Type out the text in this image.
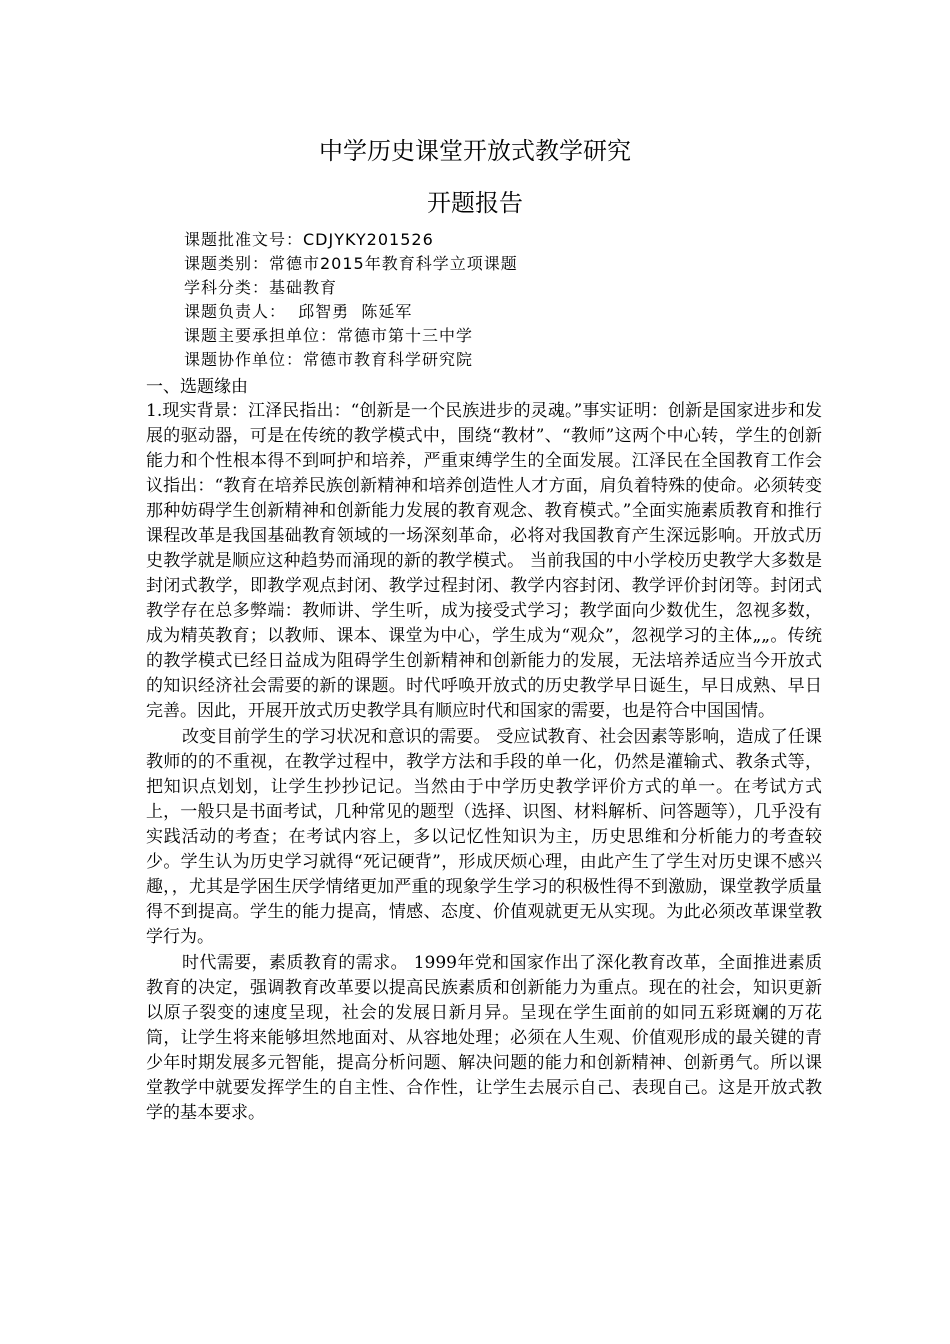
中学历史课堂开放式教学研究
开题报告
课题批准文号：CDJYKY201526
课题类别：常德市2015年教育科学立项课题
学科分类：基础教育
课题负责人：  邱智勇  陈延军
课题主要承担单位：常德市第十三中学
课题协作单位：常德市教育科学研究院
一、选题缘由

1.现实背景：江泽民指出：“创新是一个民族进步的灵魂。”事实证明：创新是国家进步和发展的驱动器，可是在传统的教学模式中，围绕“教材”、“教师”这两个中心转，学生的创新能力和个性根本得不到呵护和培养，严重束缚学生的全面发展。江泽民在全国教育工作会议指出：“教育在培养民族创新精神和培养创造性人才方面，肩负着特殊的使命。必须转变那种妨碍学生创新精神和创新能力发展的教育观念、教育模式。”全面实施素质教育和推行课程改革是我国基础教育领域的一场深刻革命，必将对我国教育产生深远影响。开放式历史教学就是顺应这种趋势而涌现的新的教学模式。 当前我国的中小学校历史教学大多数是封闭式教学，即教学观点封闭、教学过程封闭、教学内容封闭、教学评价封闭等。封闭式教学存在总多弊端：教师讲、学生听，成为接受式学习；教学面向少数优生，忽视多数，成为精英教育；以教师、课本、课堂为中心，学生成为“观众”，忽视学习的主体„„。传统的教学模式已经日益成为阻碍学生创新精神和创新能力的发展，无法培养适应当今开放式的知识经济社会需要的新的课题。时代呼唤开放式的历史教学早日诞生，早日成熟、早日完善。因此，开展开放式历史教学具有顺应时代和国家的需要，也是符合中国国情。

改变目前学生的学习状况和意识的需要。 受应试教育、社会因素等影响，造成了任课教师的的不重视，在教学过程中，教学方法和手段的单一化，仍然是灌输式、教条式等，把知识点划划，让学生抄抄记记。当然由于中学历史教学评价方式的单一。在考试方式上，一般只是书面考试，几种常见的题型（选择、识图、材料解析、问答题等），几乎没有实践活动的考查；在考试内容上，多以记忆性知识为主，历史思维和分析能力的考查较少。学生认为历史学习就得“死记硬背”，形成厌烦心理，由此产生了学生对历史课不感兴趣，，尤其是学困生厌学情绪更加严重的现象学生学习的积极性得不到激励，课堂教学质量得不到提高。学生的能力提高，情感、态度、价值观就更无从实现。为此必须改革课堂教学行为。

时代需要，素质教育的需求。 1999年党和国家作出了深化教育改革，全面推进素质教育的决定，强调教育改革要以提高民族素质和创新能力为重点。现在的社会，知识更新以原子裂变的速度呈现，社会的发展日新月异。呈现在学生面前的如同五彩斑斓的万花筒，让学生将来能够坦然地面对、从容地处理；必须在人生观、价值观形成的最关键的青少年时期发展多元智能，提高分析问题、解决问题的能力和创新精神、创新勇气。所以课堂教学中就要发挥学生的自主性、合作性，让学生去展示自己、表现自己。这是开放式教学的基本要求。
